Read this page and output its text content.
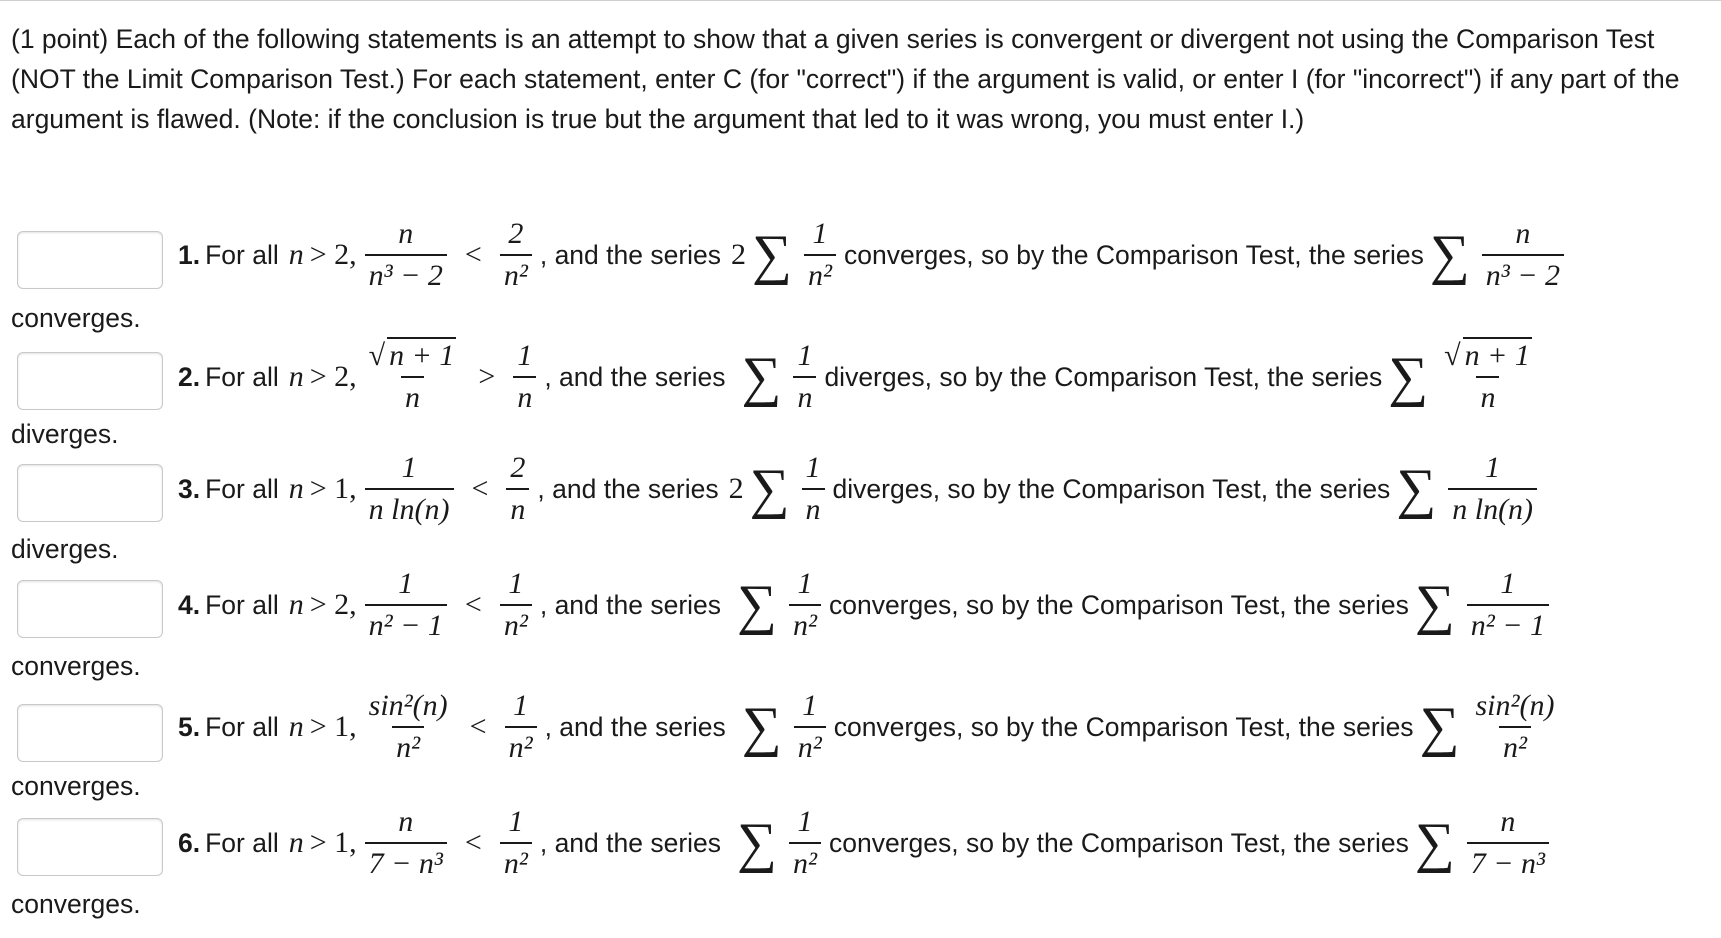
(1 point) Each of the following statements is an attempt to show that a given series is convergent or divergent not using the Comparison Test (NOT the Limit Comparison Test.) For each statement, enter C (for "correct") if the argument is valid, or enter I (for "incorrect") if any part of the argument is flawed. (Note: if the conclusion is true but the argument that led to it was wrong, you must enter I.)
1. For all n > 2, $\frac{n}{\text{n³ − 2}} < \frac{2}{\text{n²}}$ , and the series 2 ∑ $\frac{1}{\text{n²}}$ converges, so by the Comparison Test, the series ∑ $\frac{n}{\text{n³ − 2}}$
converges.
2. For all n > 2, $\frac{√ n + 1}{n} > \frac{1}{n}$ , and the series ∑ $\frac{1}{n}$ diverges, so by the Comparison Test, the series ∑ $\frac{√ n + 1}{n}$
diverges.
3. For all n > 1, $\frac{1}{\text{n ln(n)}} < \frac{2}{n}$ , and the series 2 ∑ $\frac{1}{n}$ diverges, so by the Comparison Test, the series ∑ $\frac{1}{\text{n ln(n)}}$
diverges.
4. For all n > 2, $\frac{1}{\text{n² − 1}} < \frac{1}{\text{n²}}$ , and the series ∑ $\frac{1}{\text{n²}}$ converges, so by the Comparison Test, the series ∑ $\frac{1}{\text{n² − 1}}$
converges.
5. For all n > 1, $\frac{\text{sin²(n)}}{\text{n²}} < \frac{1}{\text{n²}}$ , and the series ∑ $\frac{1}{\text{n²}}$ converges, so by the Comparison Test, the series ∑ $\frac{\text{sin²(n)}}{\text{n²}}$
converges.
6. For all n > 1, $\frac{n}{\text{7 − n³}} < \frac{1}{\text{n²}}$ , and the series ∑ $\frac{1}{\text{n²}}$ converges, so by the Comparison Test, the series ∑ $\frac{n}{\text{7 − n³}}$
converges.
